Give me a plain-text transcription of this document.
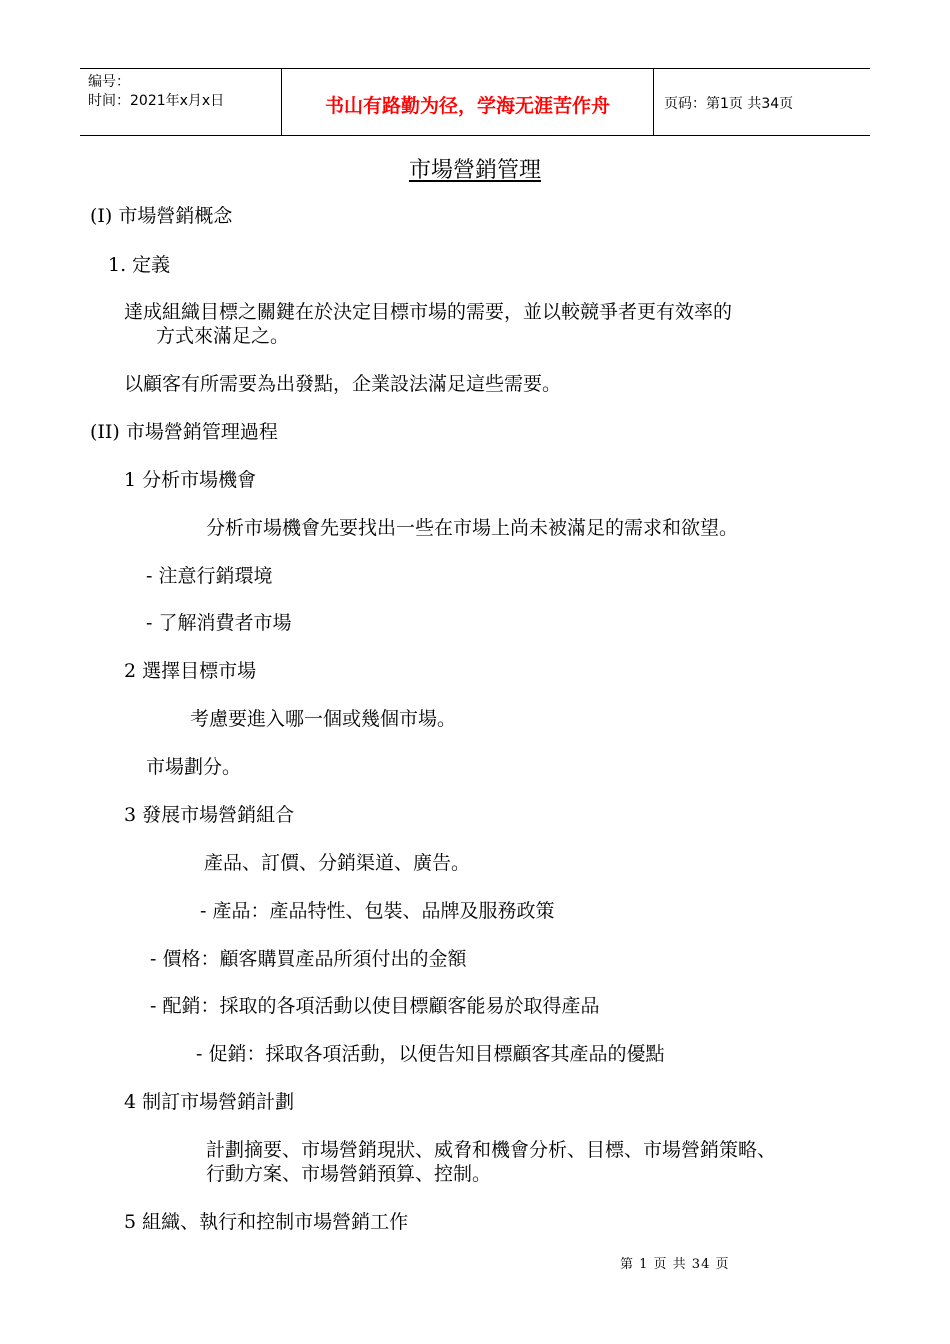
编号：
时间：2021年x月x日	书山有路勤为径，学海无涯苦作舟	页码：第1页 共34页
市場營銷管理
(I) 市場營銷概念
1. 定義
達成組織目標之關鍵在於決定目標市場的需要，並以較競爭者更有效率的
方式來滿足之。
以顧客有所需要為出發點，企業設法滿足這些需要。
(II) 市場營銷管理過程
1 分析市場機會
分析市場機會先要找出一些在市場上尚未被滿足的需求和欲望。
- 注意行銷環境
- 了解消費者市場
2 選擇目標市場
考慮要進入哪一個或幾個市場。
市場劃分。
3 發展市場營銷組合
產品、訂價、分銷渠道、廣告。
- 產品：產品特性、包裝、品牌及服務政策
- 價格：顧客購買產品所須付出的金額
- 配銷：採取的各項活動以使目標顧客能易於取得產品
- 促銷：採取各項活動，以便告知目標顧客其產品的優點
4 制訂市場營銷計劃
計劃摘要、市場營銷現狀、威脅和機會分析、目標、市場營銷策略、
行動方案、市場營銷預算、控制。
5 組織、執行和控制市場營銷工作
第 1 页 共 34 页
